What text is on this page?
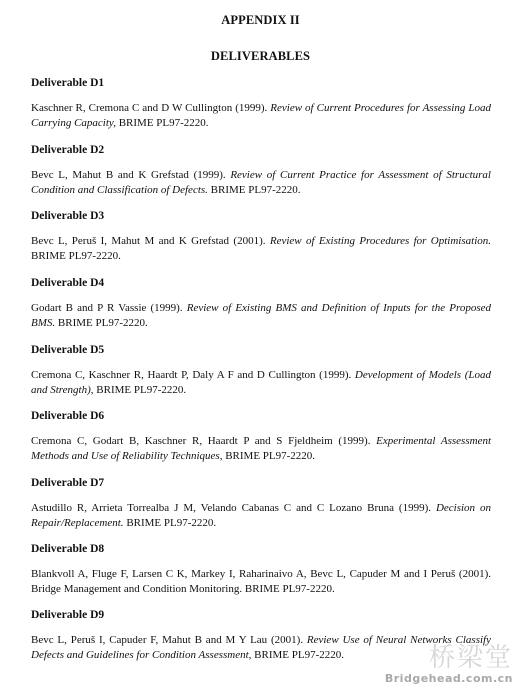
APPENDIX II
DELIVERABLES

Deliverable D1

Kaschner R, Cremona C and D W Cullington (1999). Review of Current Procedures for Assessing Load Carrying Capacity, BRIME PL97-2220.

Deliverable D2

Bevc L, Mahut B and K Grefstad (1999). Review of Current Practice for Assessment of Structural Condition and Classification of Defects. BRIME PL97-2220.

Deliverable D3

Bevc L, Peruš I, Mahut M and K Grefstad (2001). Review of Existing Procedures for Optimisation. BRIME PL97-2220.

Deliverable D4

Godart B and P R Vassie (1999). Review of Existing BMS and Definition of Inputs for the Proposed BMS. BRIME PL97-2220.

Deliverable D5

Cremona C, Kaschner R, Haardt P, Daly A F and D Cullington (1999). Development of Models (Load and Strength), BRIME PL97-2220.

Deliverable D6

Cremona C, Godart B, Kaschner R, Haardt P and S Fjeldheim (1999). Experimental Assessment Methods and Use of Reliability Techniques, BRIME PL97-2220.

Deliverable D7

Astudillo R, Arrieta Torrealba J M, Velando Cabanas C and C Lozano Bruna (1999). Decision on Repair/Replacement. BRIME PL97-2220.

Deliverable D8

Blankvoll A, Fluge F, Larsen C K, Markey I, Raharinaivo A, Bevc L, Capuder M and I Peruš (2001). Bridge Management and Condition Monitoring. BRIME PL97-2220.

Deliverable D9

Bevc L, Peruš I, Capuder F, Mahut B and M Y Lau (2001). Review Use of Neural Networks Classify Defects and Guidelines for Condition Assessment, BRIME PL97-2220.	桥梁堂
Bridgehead.com.cn
